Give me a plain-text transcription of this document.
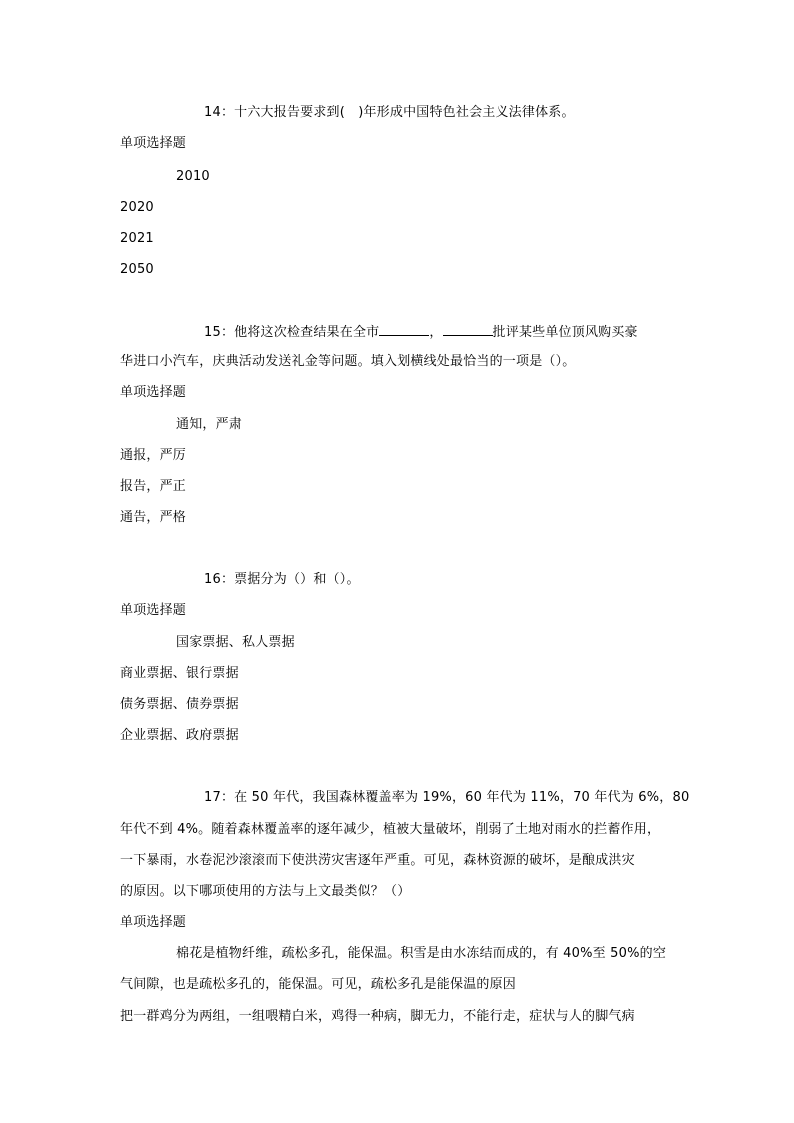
14：十六大报告要求到(　)年形成中国特色社会主义法律体系。
单项选择题
2010
2020
2021
2050
15：他将这次检查结果在全市	，	批评某些单位顶风购买豪
华进口小汽车，庆典活动发送礼金等问题。填入划横线处最恰当的一项是（）。
单项选择题
通知，严肃
通报，严厉
报告，严正
通告，严格
16：票据分为（）和（）。
单项选择题
国家票据、私人票据
商业票据、银行票据
债务票据、债券票据
企业票据、政府票据
17：在 50 年代，我国森林覆盖率为 19%，60 年代为 11%，70 年代为 6%，80
年代不到 4%。随着森林覆盖率的逐年减少，植被大量破坏，削弱了土地对雨水的拦蓄作用，
一下暴雨，水卷泥沙滚滚而下使洪涝灾害逐年严重。可见，森林资源的破坏，是酿成洪灾
的原因。以下哪项使用的方法与上文最类似？（）
单项选择题
棉花是植物纤维，疏松多孔，能保温。积雪是由水冻结而成的，有 40%至 50%的空
气间隙，也是疏松多孔的，能保温。可见，疏松多孔是能保温的原因
把一群鸡分为两组，一组喂精白米，鸡得一种病，脚无力，不能行走，症状与人的脚气病
